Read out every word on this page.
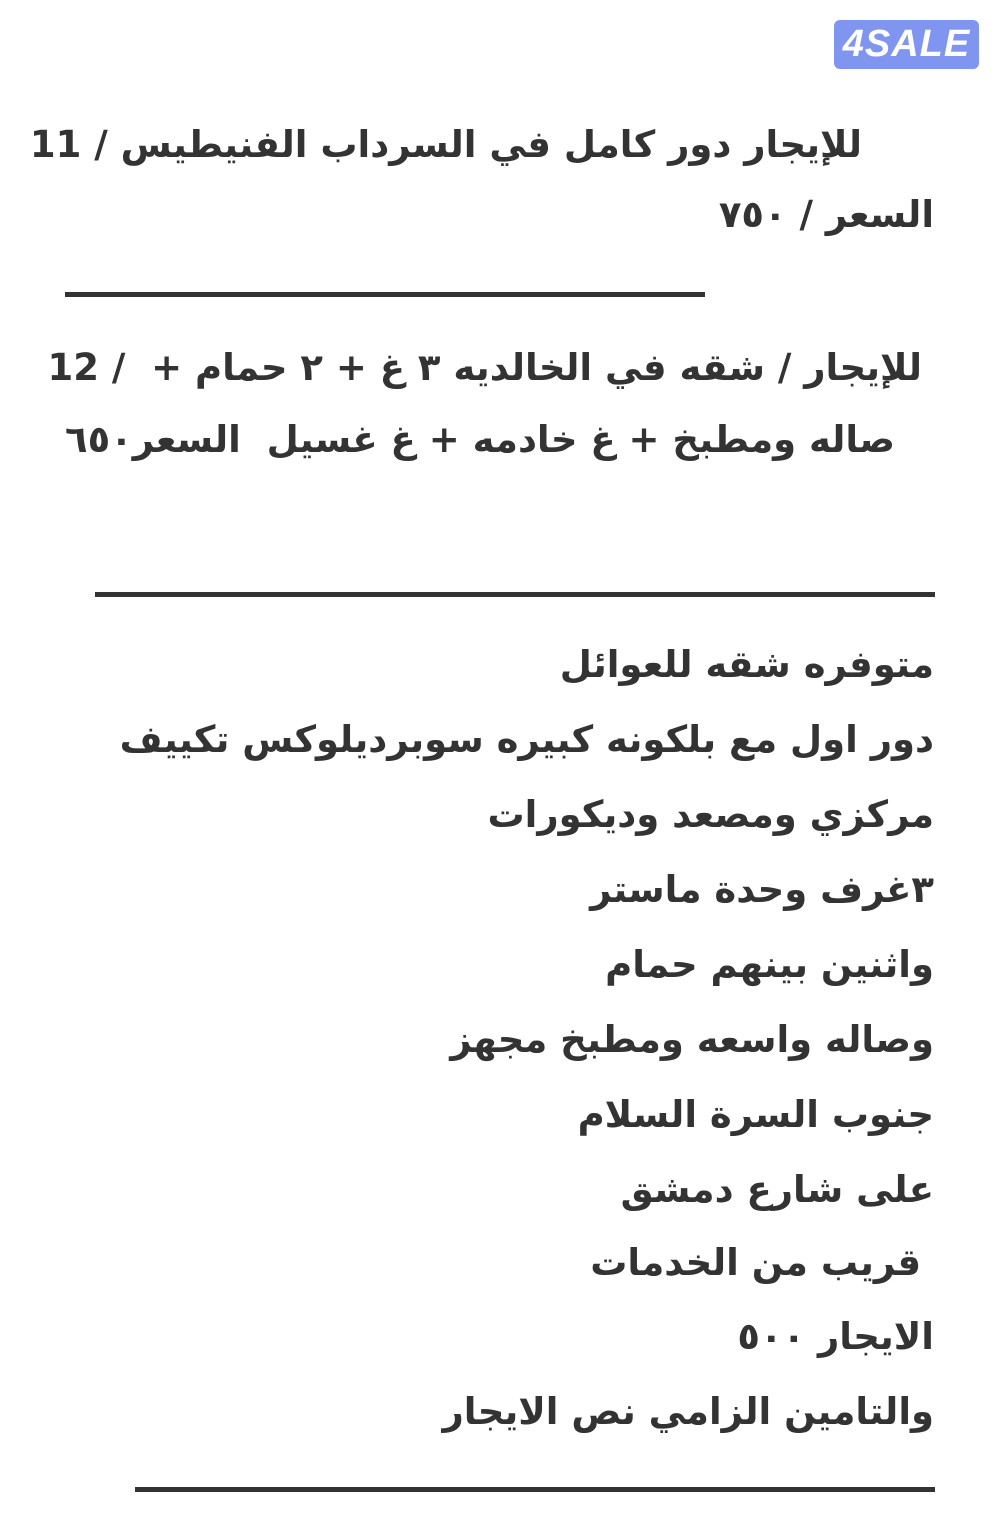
4SALE
للإيجار دور كامل في السرداب الفنيطيس / 11
السعر / ٧٥٠
للإيجار / شقه في الخالديه ٣ غ + ٢ حمام +  / 12
صاله ومطبخ + غ خادمه + غ غسيل  السعر٦٥٠
متوفره شقه للعوائل
دور اول مع بلكونه كبيره سوبرديلوكس تكييف
مركزي ومصعد وديكورات
٣غرف وحدة ماستر
واثنين بينهم حمام
وصاله واسعه ومطبخ مجهز
جنوب السرة السلام
على شارع دمشق
قريب من الخدمات
الايجار ٥٠٠
والتامين الزامي نص الايجار
